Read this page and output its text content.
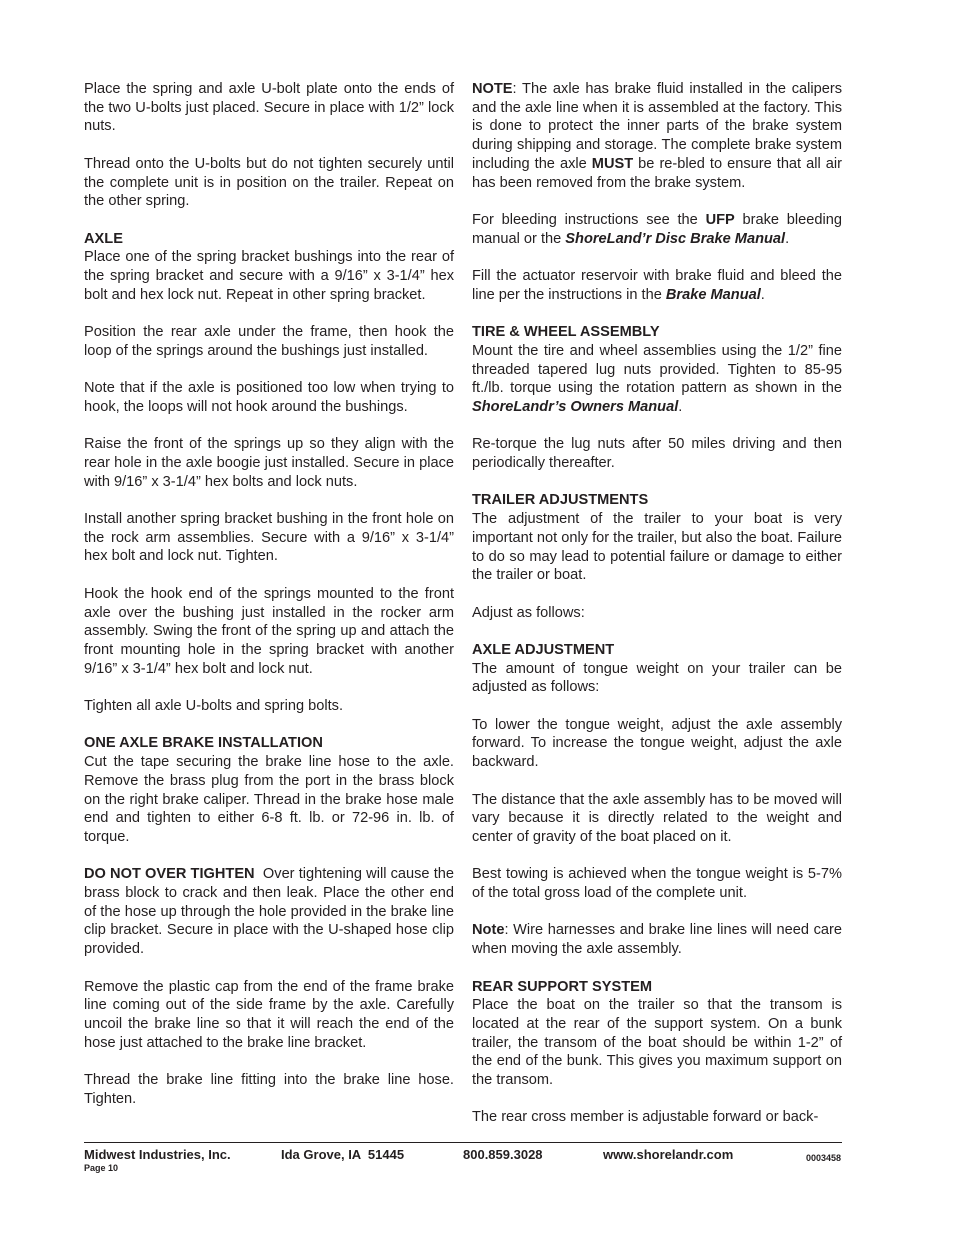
Place the spring and axle U-bolt plate onto the ends of the two U-bolts just placed. Secure in place with 1/2” lock nuts.

Thread onto the U-bolts but do not tighten securely until the complete unit is in position on the trailer. Repeat on the other spring.

AXLE
Place one of the spring bracket bushings into the rear of the spring bracket and secure with a 9/16” x 3-1/4” hex bolt and hex lock nut. Repeat in other spring bracket.

Position the rear axle under the frame, then hook the loop of the springs around the bushings just installed.

Note that if the axle is positioned too low when trying to hook, the loops will not hook around the bushings.

Raise the front of the springs up so they align with the rear hole in the axle boogie just installed. Secure in place with 9/16” x 3-1/4” hex bolts and lock nuts.

Install another spring bracket bushing in the front hole on the rock arm assemblies. Secure with a 9/16” x 3-1/4” hex bolt and lock nut. Tighten.

Hook the hook end of the springs mounted to the front axle over the bushing just installed in the rocker arm assembly. Swing the front of the spring up and attach the front mounting hole in the spring bracket with another 9/16” x 3-1/4” hex bolt and lock nut.

Tighten all axle U-bolts and spring bolts.

ONE AXLE BRAKE INSTALLATION
Cut the tape securing the brake line hose to the axle. Remove the brass plug from the port in the brass block on the right brake caliper. Thread in the brake hose male end and tighten to either 6-8 ft. lb. or 72-96 in. lb. of torque.

DO NOT OVER TIGHTEN  Over tightening will cause the brass block to crack and then leak. Place the other end of the hose up through the hole provided in the brake line clip bracket. Secure in place with the U-shaped hose clip provided.

Remove the plastic cap from the end of the frame brake line coming out of the side frame by the axle. Carefully uncoil the brake line so that it will reach the end of the hose just attached to the brake line bracket.

Thread the brake line fitting into the brake line hose. Tighten.

NOTE: The axle has brake fluid installed in the calipers and the axle line when it is assembled at the factory. This is done to protect the inner parts of the brake system during shipping and storage. The complete brake system including the axle MUST be re-bled to ensure that all air has been removed from the brake system.

For bleeding instructions see the UFP brake bleeding manual or the ShoreLand’r Disc Brake Manual.

Fill the actuator reservoir with brake fluid and bleed the line per the instructions in the Brake Manual.

TIRE & WHEEL ASSEMBLY
Mount the tire and wheel assemblies using the 1/2” fine threaded tapered lug nuts provided. Tighten to 85-95 ft./lb. torque using the rotation pattern as shown in the ShoreLandr’s Owners Manual.

Re-torque the lug nuts after 50 miles driving and then periodically thereafter.

TRAILER ADJUSTMENTS
The adjustment of the trailer to your boat is very important not only for the trailer, but also the boat. Failure to do so may lead to potential failure or damage to either the trailer or boat.

Adjust as follows:

AXLE ADJUSTMENT
The amount of tongue weight on your trailer can be adjusted as follows:

To lower the tongue weight, adjust the axle assembly forward. To increase the tongue weight, adjust the axle backward.

The distance that the axle assembly has to be moved will vary because it is directly related to the weight and center of gravity of the boat placed on it.

Best towing is achieved when the tongue weight is 5-7% of the total gross load of the complete unit.

Note: Wire harnesses and brake line lines will need care when moving the axle assembly.

REAR SUPPORT SYSTEM
Place the boat on the trailer so that the transom is located at the rear of the support system. On a bunk trailer, the transom of the boat should be within 1-2” of the end of the bunk. This gives you maximum support on the transom.

The rear cross member is adjustable forward or back-

Midwest Industries, Inc.	Ida Grove, IA  51445	800.859.3028	www.shorelandr.com	0003458
Page 10
